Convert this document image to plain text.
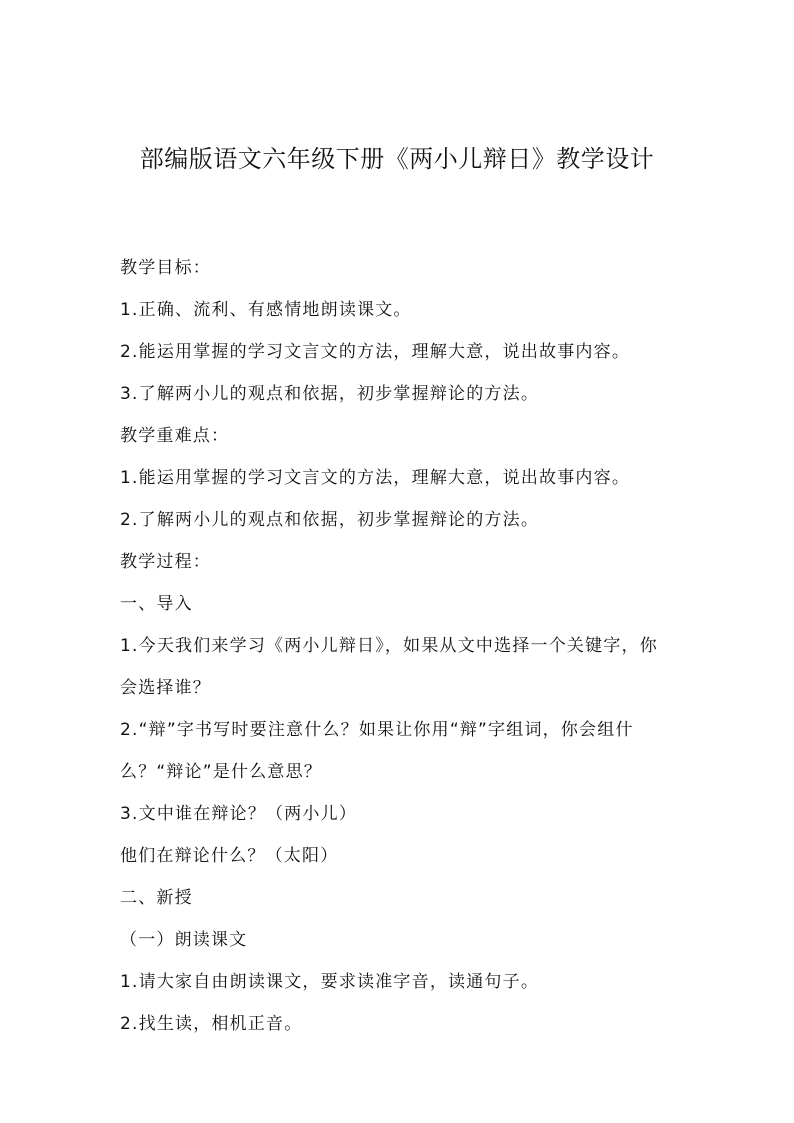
部编版语文六年级下册《两小儿辩日》教学设计

教学目标：

1.正确、流利、有感情地朗读课文。

2.能运用掌握的学习文言文的方法，理解大意，说出故事内容。

3.了解两小儿的观点和依据，初步掌握辩论的方法。

教学重难点：

1.能运用掌握的学习文言文的方法，理解大意，说出故事内容。

2.了解两小儿的观点和依据，初步掌握辩论的方法。

教学过程：

一、导入

1.今天我们来学习《两小儿辩日》，如果从文中选择一个关键字，你

会选择谁？

2.“辩”字书写时要注意什么？如果让你用“辩”字组词，你会组什

么？“辩论”是什么意思？

3.文中谁在辩论？（两小儿）

他们在辩论什么？（太阳）

二、新授

（一）朗读课文

1.请大家自由朗读课文，要求读准字音，读通句子。

2.找生读，相机正音。
